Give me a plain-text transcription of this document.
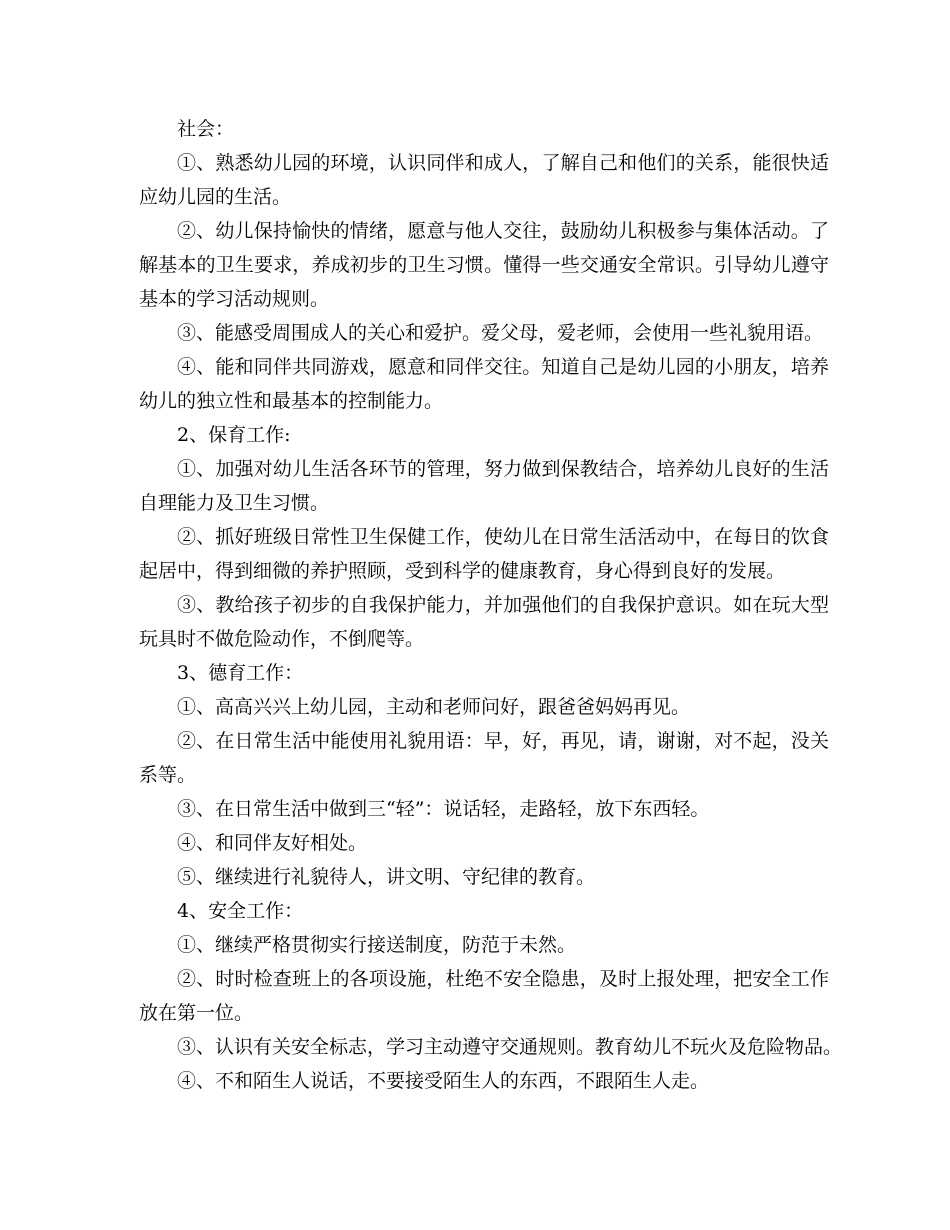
社会：

①、熟悉幼儿园的环境，认识同伴和成人，了解自己和他们的关系，能很快适应幼儿园的生活。

②、幼儿保持愉快的情绪，愿意与他人交往，鼓励幼儿积极参与集体活动。了解基本的卫生要求，养成初步的卫生习惯。懂得一些交通安全常识。引导幼儿遵守基本的学习活动规则。

③、能感受周围成人的关心和爱护。爱父母，爱老师，会使用一些礼貌用语。

④、能和同伴共同游戏，愿意和同伴交往。知道自己是幼儿园的小朋友，培养幼儿的独立性和最基本的控制能力。

2、保育工作:

①、加强对幼儿生活各环节的管理，努力做到保教结合，培养幼儿良好的生活自理能力及卫生习惯。

②、抓好班级日常性卫生保健工作，使幼儿在日常生活活动中，在每日的饮食起居中，得到细微的养护照顾，受到科学的健康教育，身心得到良好的发展。

③、教给孩子初步的自我保护能力，并加强他们的自我保护意识。如在玩大型玩具时不做危险动作，不倒爬等。

3、德育工作：

①、高高兴兴上幼儿园，主动和老师问好，跟爸爸妈妈再见。

②、在日常生活中能使用礼貌用语：早，好，再见，请，谢谢，对不起，没关系等。

③、在日常生活中做到三“轻”：说话轻，走路轻，放下东西轻。

④、和同伴友好相处。

⑤、继续进行礼貌待人，讲文明、守纪律的教育。

4、安全工作：

①、继续严格贯彻实行接送制度，防范于未然。

②、时时检查班上的各项设施，杜绝不安全隐患，及时上报处理，把安全工作放在第一位。

③、认识有关安全标志，学习主动遵守交通规则。教育幼儿不玩火及危险物品。

④、不和陌生人说话，不要接受陌生人的东西，不跟陌生人走。
